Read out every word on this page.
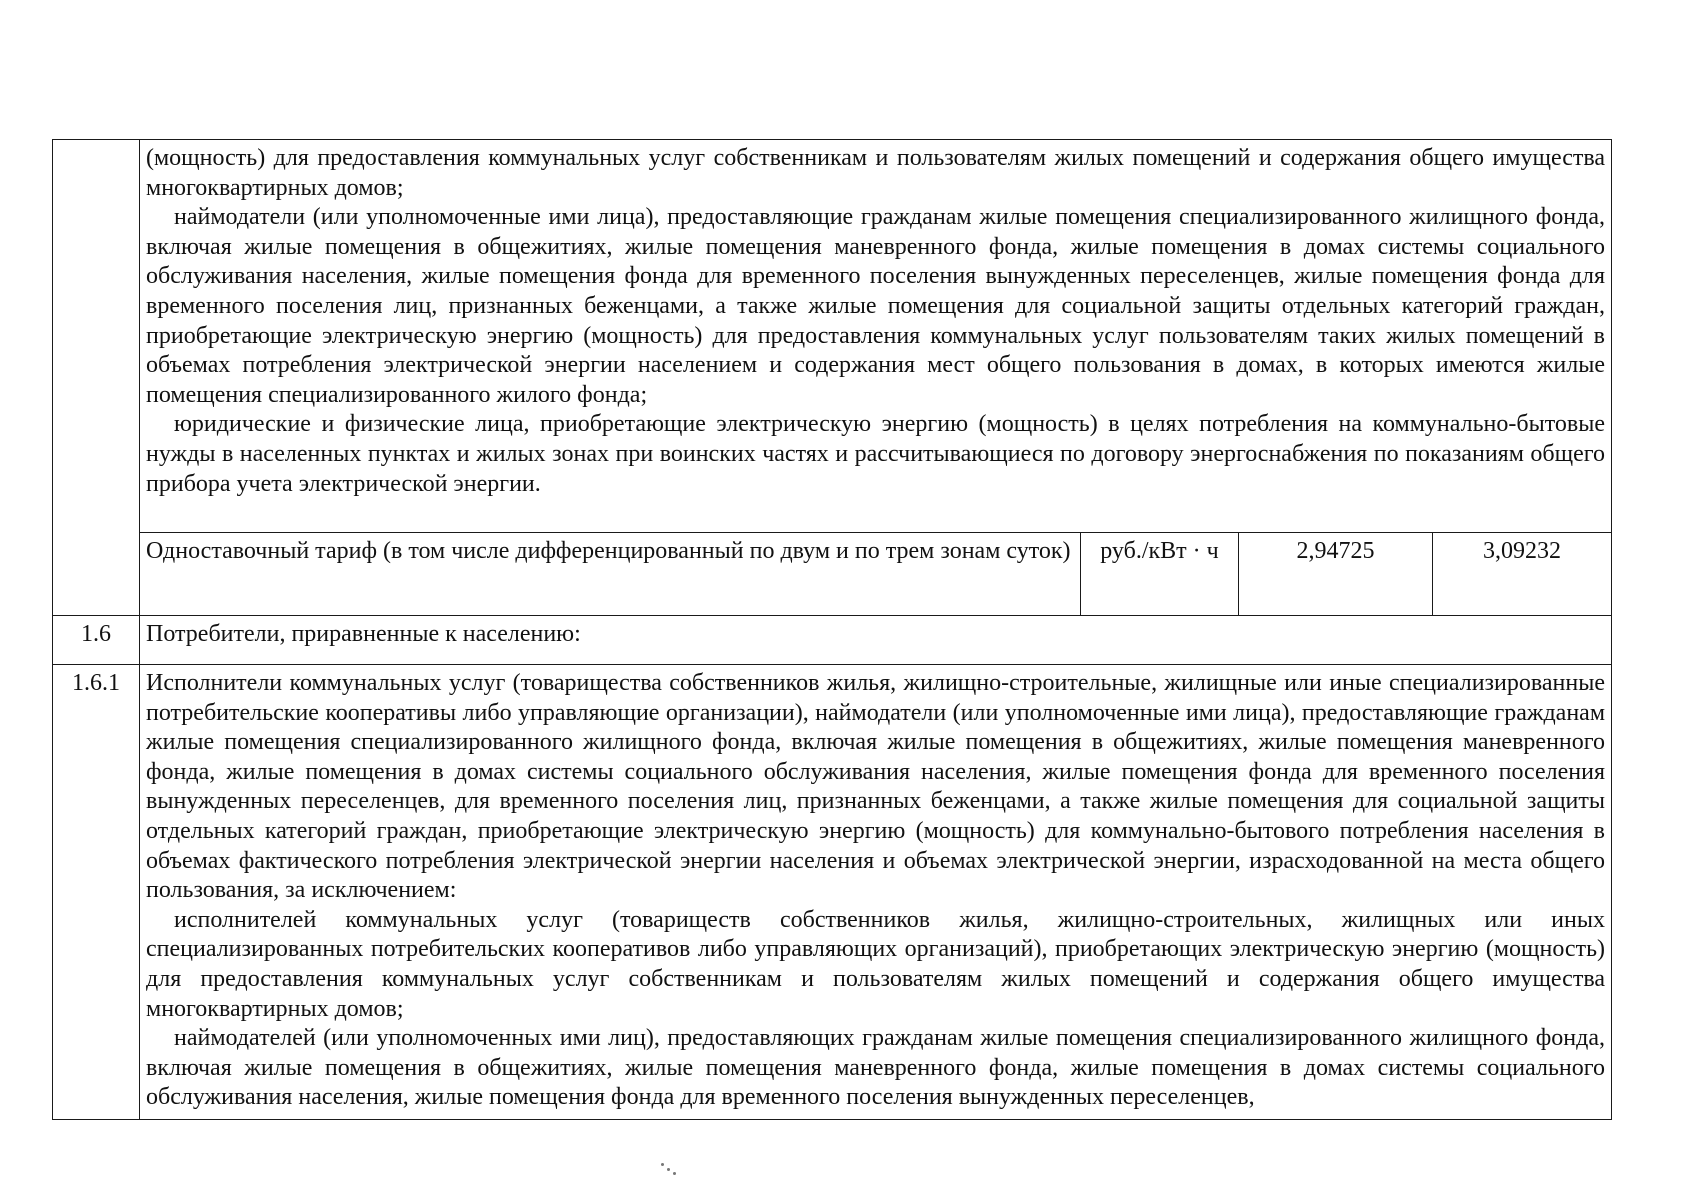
	(мощность) для предоставления коммунальных услуг собственникам и пользователям жилых помещений и содержания общего имущества многоквартирных домов;

наймодатели (или уполномоченные ими лица), предоставляющие гражданам жилые помещения специализированного жилищного фонда, включая жилые помещения в общежитиях, жилые помещения маневренного фонда, жилые помещения в домах системы социального обслуживания населения, жилые помещения фонда для временного поселения вынужденных переселенцев, жилые помещения фонда для временного поселения лиц, признанных беженцами, а также жилые помещения для социальной защиты отдельных категорий граждан, приобретающие электрическую энергию (мощность) для предоставления коммунальных услуг пользователям таких жилых помещений в объемах потребления электрической энергии населением и содержания мест общего пользования в домах, в которых имеются жилые помещения специализированного жилого фонда;

юридические и физические лица, приобретающие электрическую энергию (мощность) в целях потребления на коммунально-бытовые нужды в населенных пунктах и жилых зонах при воинских частях и рассчитывающиеся по договору энергоснабжения по показаниям общего прибора учета электрической энергии.			

	Одноставочный тариф (в том числе дифференцированный по двум и по трем зонам суток)	руб./кВт · ч	2,94725	3,09232
1.6	Потребители, приравненные к населению:			
1.6.1	Исполнители коммунальных услуг (товарищества собственников жилья, жилищно-строительные, жилищные или иные специализированные потребительские кооперативы либо управляющие организации), наймодатели (или уполномоченные ими лица), предоставляющие гражданам жилые помещения специализированного жилищного фонда, включая жилые помещения в общежитиях, жилые помещения маневренного фонда, жилые помещения в домах системы социального обслуживания населения, жилые помещения фонда для временного поселения вынужденных переселенцев, для временного поселения лиц, признанных беженцами, а также жилые помещения для социальной защиты отдельных категорий граждан, приобретающие электрическую энергию (мощность) для коммунально-бытового потребления населения в объемах фактического потребления электрической энергии населения и объемах электрической энергии, израсходованной на места общего пользования, за исключением:

исполнителей коммунальных услуг (товариществ собственников жилья, жилищно-строительных, жилищных или иных специализированных потребительских кооперативов либо управляющих организаций), приобретающих электрическую энергию (мощность) для предоставления коммунальных услуг собственникам и пользователям жилых помещений и содержания общего имущества многоквартирных домов;

наймодателей (или уполномоченных ими лиц), предоставляющих гражданам жилые помещения специализированного жилищного фонда, включая жилые помещения в общежитиях, жилые помещения маневренного фонда, жилые помещения в домах системы социального обслуживания населения, жилые помещения фонда для временного поселения вынужденных переселенцев,			
